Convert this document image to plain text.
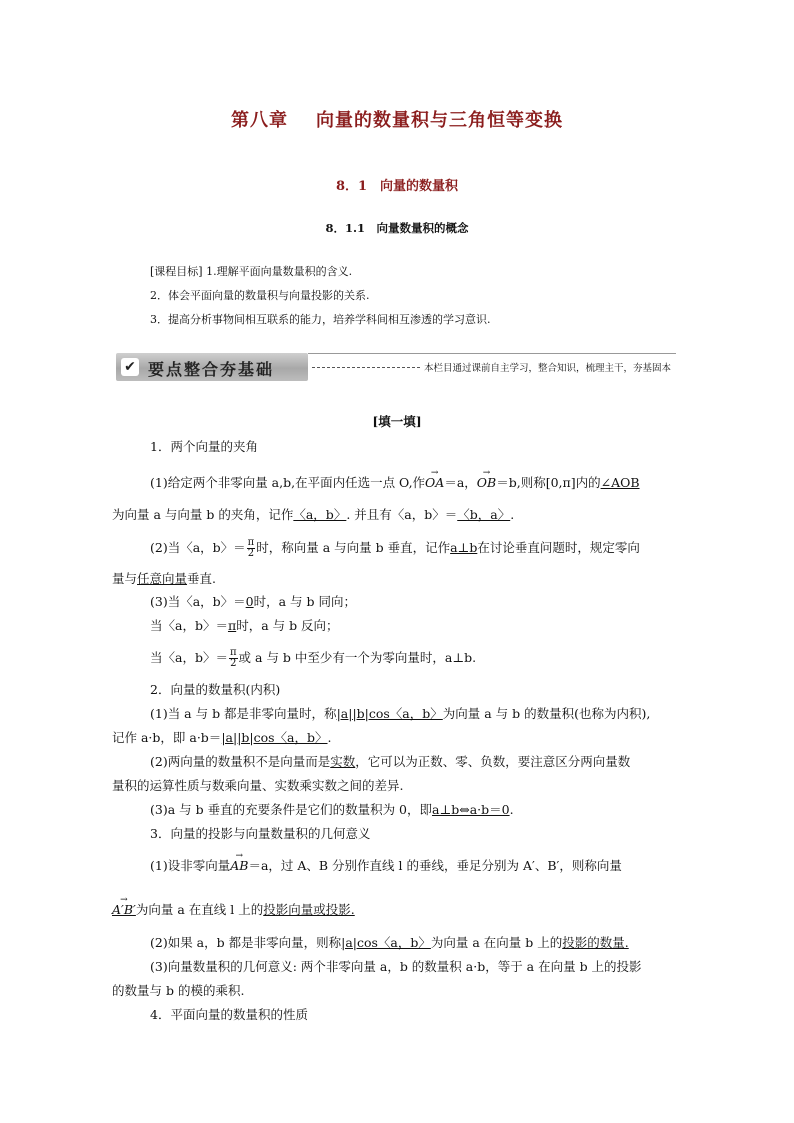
第八章 向量的数量积与三角恒等变换
8．1　向量的数量积
8．1.1　向量数量积的概念
[课程目标] 1.理解平面向量数量积的含义.
2．体会平面向量的数量积与向量投影的关系.
3．提高分析事物间相互联系的能力，培养学科间相互渗透的学习意识.
✔ 要点整合夯基础	本栏目通过课前自主学习，整合知识，梳理主干，夯基固本
[填一填]
1．两个向量的夹角
(1)给定两个非零向量 a,b,在平面内任选一点 O,作→ OA＝a，→ OB＝b,则称[0,π]内的∠AOB
为向量 a 与向量 b 的夹角，记作〈a，b〉. 并且有〈a，b〉＝〈b，a〉.
(2)当〈a，b〉＝ $\frac{\pi}{2}$ 时，称向量 a 与向量 b 垂直，记作a⊥b在讨论垂直问题时，规定零向
量与任意向量垂直.
(3)当〈a，b〉＝0时，a 与 b 同向；
当〈a，b〉＝π时，a 与 b 反向；
当〈a，b〉＝ $\frac{\pi}{2}$ 或 a 与 b 中至少有一个为零向量时，a⊥b.
2．向量的数量积(内积)
(1)当 a 与 b 都是非零向量时，称|a||b|cos〈a，b〉为向量 a 与 b 的数量积(也称为内积),
记作 a·b，即 a·b＝|a||b|cos〈a，b〉.
(2)两向量的数量积不是向量而是实数，它可以为正数、零、负数，要注意区分两向量数
量积的运算性质与数乘向量、实数乘实数之间的差异.
(3)a 与 b 垂直的充要条件是它们的数量积为 0，即a⊥b⇔a·b＝0.
3．向量的投影与向量数量积的几何意义
(1)设非零向量→ AB＝a，过 A、B 分别作直线 l 的垂线，垂足分别为 A′、B′，则称向量
→ A′B′为向量 a 在直线 l 上的投影向量或投影.
(2)如果 a，b 都是非零向量，则称|a|cos〈a，b〉为向量 a 在向量 b 上的投影的数量.
(3)向量数量积的几何意义: 两个非零向量 a，b 的数量积 a·b，等于 a 在向量 b 上的投影
的数量与 b 的模的乘积.
4．平面向量的数量积的性质
